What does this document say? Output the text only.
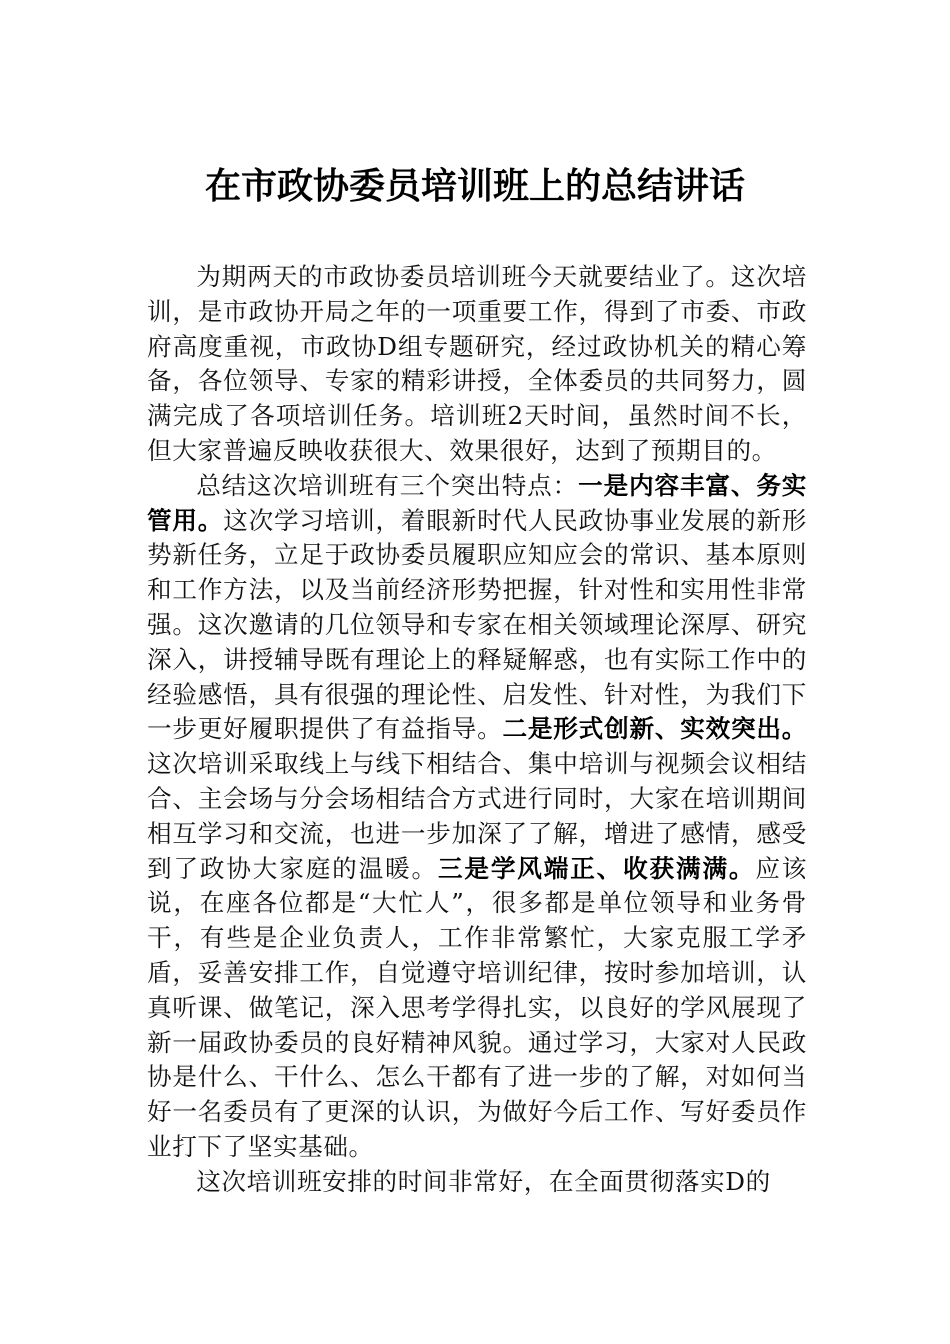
在市政协委员培训班上的总结讲话

为期两天的市政协委员培训班今天就要结业了。这次培训，是市政协开局之年的一项重要工作，得到了市委、市政府高度重视，市政协D组专题研究，经过政协机关的精心筹备，各位领导、专家的精彩讲授，全体委员的共同努力，圆满完成了各项培训任务。培训班2天时间，虽然时间不长，但大家普遍反映收获很大、效果很好，达到了预期目的。

总结这次培训班有三个突出特点：一是内容丰富、务实管用。这次学习培训，着眼新时代人民政协事业发展的新形势新任务，立足于政协委员履职应知应会的常识、基本原则和工作方法，以及当前经济形势把握，针对性和实用性非常强。这次邀请的几位领导和专家在相关领域理论深厚、研究深入，讲授辅导既有理论上的释疑解惑，也有实际工作中的经验感悟，具有很强的理论性、启发性、针对性，为我们下一步更好履职提供了有益指导。二是形式创新、实效突出。这次培训采取线上与线下相结合、集中培训与视频会议相结合、主会场与分会场相结合方式进行同时，大家在培训期间相互学习和交流，也进一步加深了了解，增进了感情，感受到了政协大家庭的温暖。三是学风端正、收获满满。应该说，在座各位都是“大忙人”，很多都是单位领导和业务骨干，有些是企业负责人，工作非常繁忙，大家克服工学矛盾，妥善安排工作，自觉遵守培训纪律，按时参加培训，认真听课、做笔记，深入思考学得扎实，以良好的学风展现了新一届政协委员的良好精神风貌。通过学习，大家对人民政协是什么、干什么、怎么干都有了进一步的了解，对如何当好一名委员有了更深的认识，为做好今后工作、写好委员作业打下了坚实基础。

这次培训班安排的时间非常好，在全面贯彻落实D的
